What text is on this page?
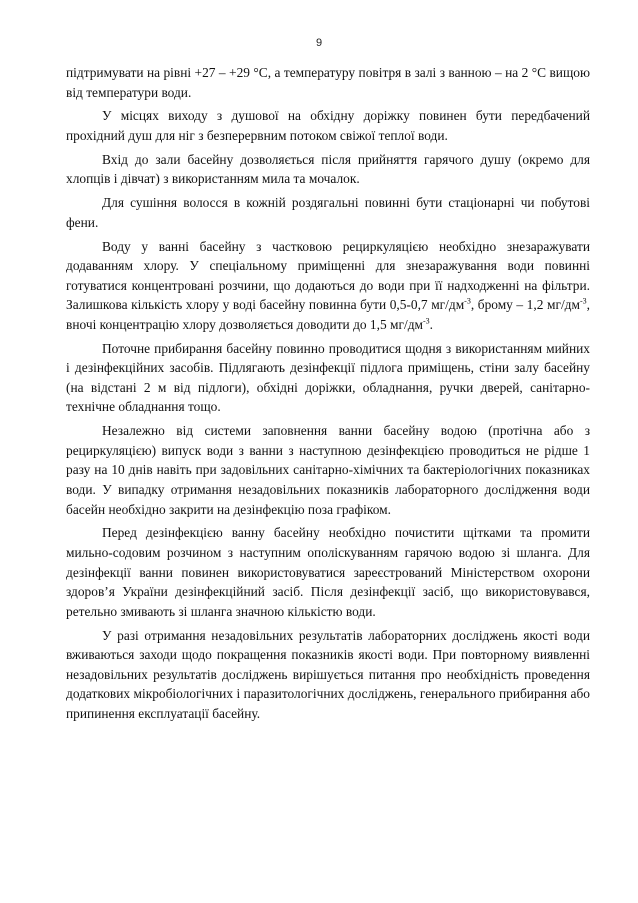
9

підтримувати на рівні +27 – +29 °С, а температуру повітря в залі з ванною – на 2 °С вищою від температури води.

У місцях виходу з душової на обхідну доріжку повинен бути передбачений прохідний душ для ніг з безперервним потоком свіжої теплої води.

Вхід до зали басейну дозволяється після прийняття гарячого душу (окремо для хлопців і дівчат) з використанням мила та мочалок.

Для сушіння волосся в кожній роздягальні повинні бути стаціонарні чи побутові фени.

Воду у ванні басейну з частковою рециркуляцією необхідно знезаражувати додаванням хлору. У спеціальному приміщенні для знезаражування води повинні готуватися концентровані розчини, що додаються до води при її надходженні на фільтри. Залишкова кількість хлору у воді басейну повинна бути 0,5-0,7 $мг/дм^{-3}$, брому – 1,2 $мг/дм^{-3}$, вночі концентрацію хлору дозволяється доводити до 1,5 $мг/дм^{-3}$.

Поточне прибирання басейну повинно проводитися щодня з використанням мийних і дезінфекційних засобів. Підлягають дезінфекції підлога приміщень, стіни залу басейну (на відстані 2 м від підлоги), обхідні доріжки, обладнання, ручки дверей, санітарно-технічне обладнання тощо.

Незалежно від системи заповнення ванни басейну водою (протічна або з рециркуляцією) випуск води з ванни з наступною дезінфекцією проводиться не рідше 1 разу на 10 днів навіть при задовільних санітарно-хімічних та бактеріологічних показниках води. У випадку отримання незадовільних показників лабораторного дослідження води басейн необхідно закрити на дезінфекцію поза графіком.

Перед дезінфекцією ванну басейну необхідно почистити щітками та промити мильно-содовим розчином з наступним ополіскуванням гарячою водою зі шланга. Для дезінфекції ванни повинен використовуватися зареєстрований Міністерством охорони здоров’я України дезінфекційний засіб. Після дезінфекції засіб, що використовувався, ретельно змивають зі шланга значною кількістю води.

У разі отримання незадовільних результатів лабораторних досліджень якості води вживаються заходи щодо покращення показників якості води. При повторному виявленні незадовільних результатів досліджень вирішується питання про необхідність проведення додаткових мікробіологічних і паразитологічних досліджень, генерального прибирання або припинення експлуатації басейну.
